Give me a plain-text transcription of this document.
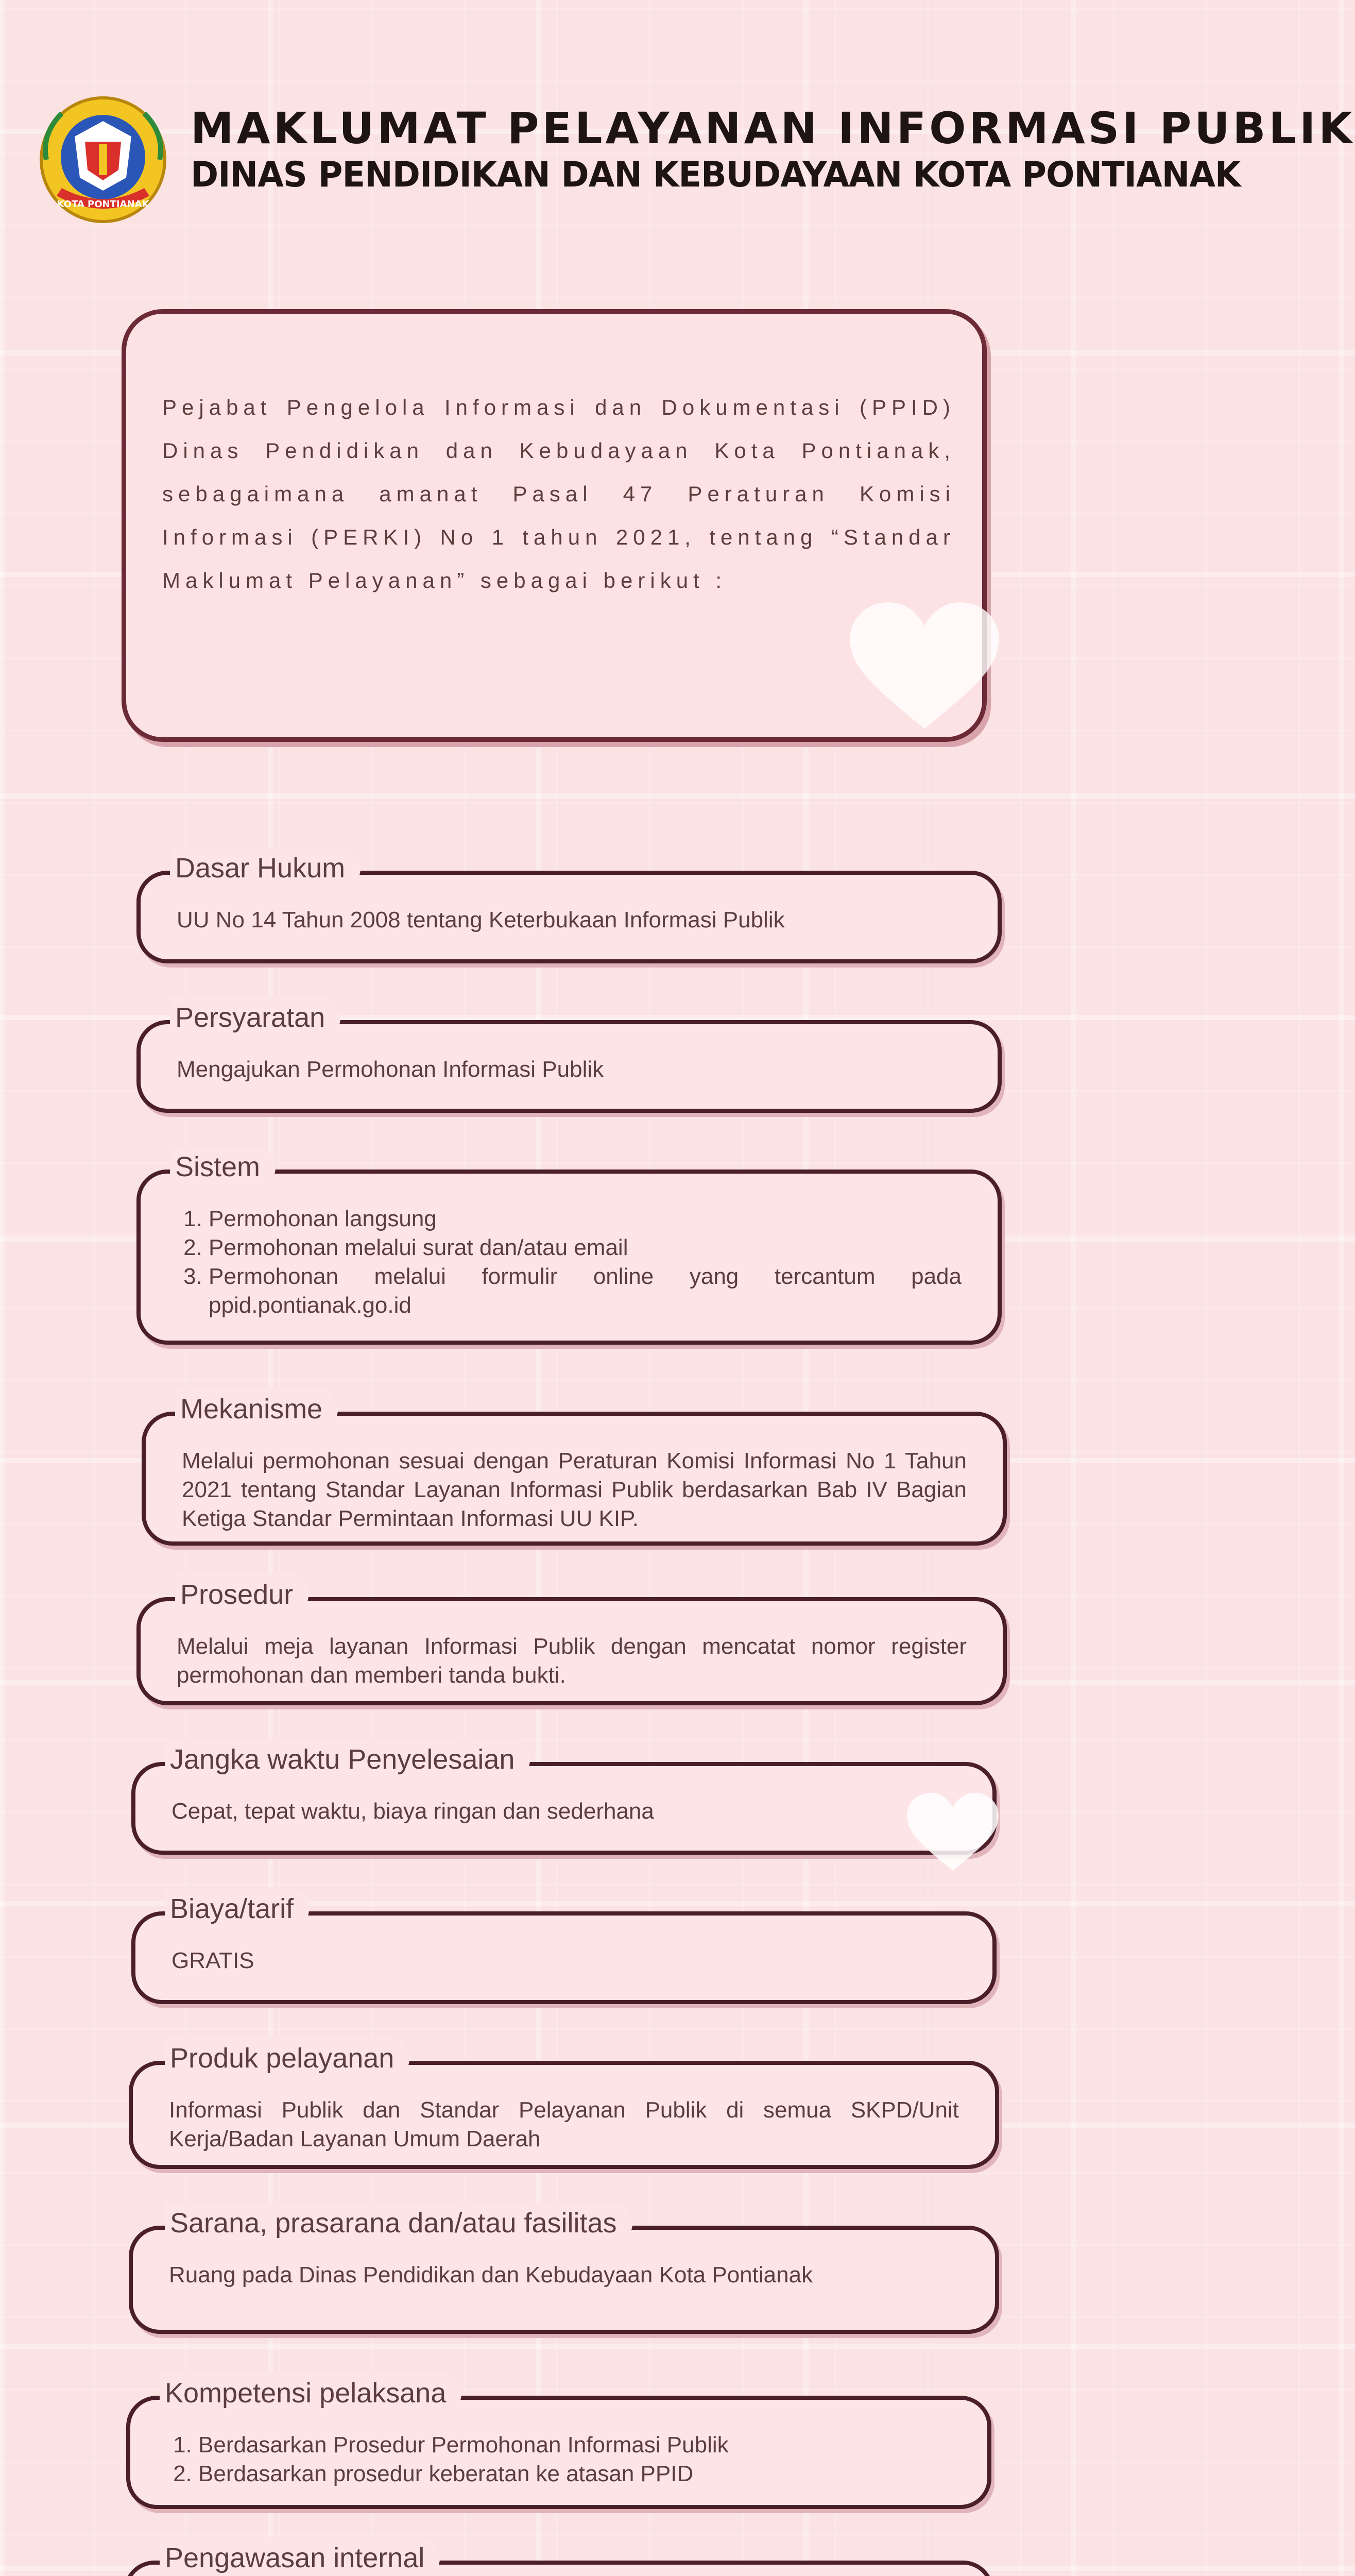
KOTA PONTIANAK
MAKLUMAT PELAYANAN INFORMASI PUBLIK
DINAS PENDIDIKAN DAN KEBUDAYAAN KOTA PONTIANAK
Pejabat Pengelola Informasi dan Dokumentasi (PPID) Dinas Pendidikan dan Kebudayaan Kota Pontianak, sebagaimana amanat Pasal 47 Peraturan Komisi Informasi (PERKI) No 1 tahun 2021, tentang “Standar Maklumat Pelayanan” sebagai berikut :
UU No 14 Tahun 2008 tentang Keterbukaan Informasi Publik
Dasar Hukum
Mengajukan Permohonan Informasi Publik
Persyaratan
1. Permohonan langsung
2. Permohonan melalui surat dan/atau email
3. Permohonan melalui formulir online yang tercantum pada ppid.pontianak.go.id
Sistem
Melalui permohonan sesuai dengan Peraturan Komisi Informasi No 1 Tahun 2021 tentang Standar Layanan Informasi Publik berdasarkan Bab IV Bagian Ketiga Standar Permintaan Informasi UU KIP.
Mekanisme
Melalui meja layanan Informasi Publik dengan mencatat nomor register permohonan dan memberi tanda bukti.
Prosedur
Cepat, tepat waktu, biaya ringan dan sederhana
Jangka waktu Penyelesaian
GRATIS
Biaya/tarif
Informasi Publik dan Standar Pelayanan Publik di semua SKPD/Unit Kerja/Badan Layanan Umum Daerah
Produk pelayanan
Ruang pada Dinas Pendidikan dan Kebudayaan Kota Pontianak
Sarana, prasarana dan/atau fasilitas
1. Berdasarkan Prosedur Permohonan Informasi Publik
2. Berdasarkan prosedur keberatan ke atasan PPID
Kompetensi pelaksana
Pengawasan internal
